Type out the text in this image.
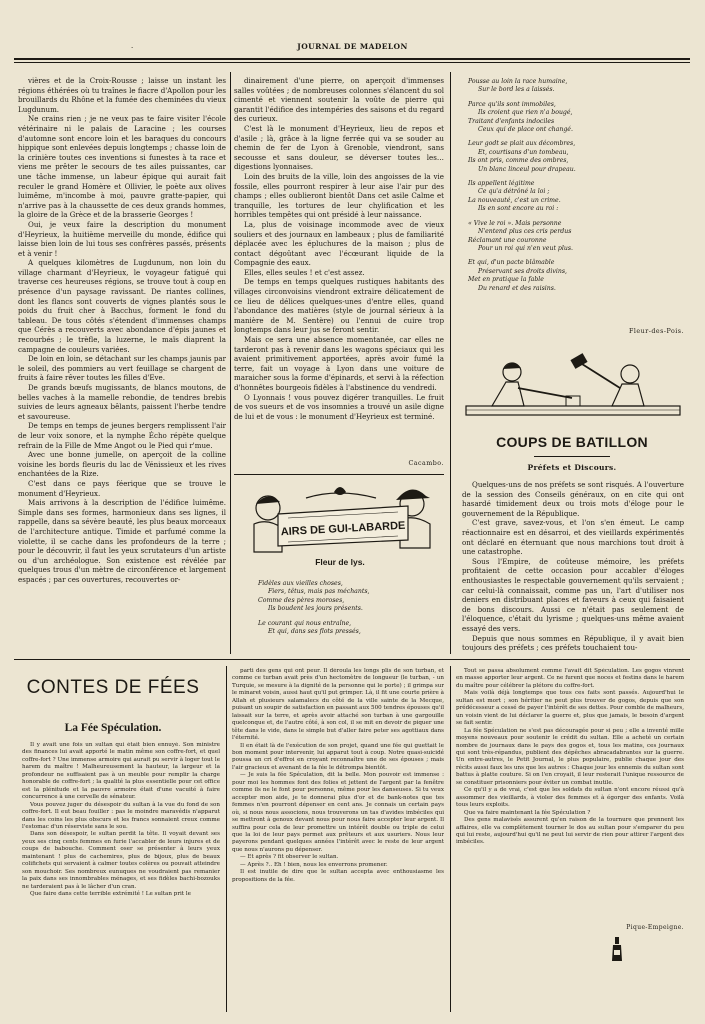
JOURNAL DE MADELON
·

vières et de la Croix-Rousse ; laisse un instant les régions éthérées où tu traînes le fiacre d'Apollon pour les brouillards du Rhône et la fumée des cheminées du vieux Lugdunum.

Ne crains rien ; je ne veux pas te faire visiter l'école vétérinaire ni le palais de Laracine ; les courses d'automne sont encore loin et les baraques du concours hippique sont enlevées depuis longtemps ; chasse loin de la crinière toutes ces inventions si funestes à ta race et viens me prêter le secours de tes ailes puissantes, car une tâche immense, un labeur épique qui aurait fait reculer le grand Homère et Ollivier, le poète aux olives luimême, m'incombe à moi, pauvre gratte-papier, qui n'arrive pas à la chaussette de ces deux grands hommes, la gloire de la Grèce et de la brasserie Georges !

Oui, je veux faire la description du monument d'Heyrieux, la huitième merveille du monde, édifice qui laisse bien loin de lui tous ses confrères passés, présents et à venir !

A quelques kilomètres de Lugdunum, non loin du village charmant d'Heyrieux, le voyageur fatigué qui traverse ces heureuses régions, se trouve tout à coup en présence d'un paysage ravissant. De riantes collines, dont les flancs sont couverts de vignes plantés sous le poids du fruit cher à Bacchus, forment le fond du tableau. De tous côtés s'étendent d'immenses champs que Cérès a recouverts avec abondance d'épis jaunes et recourbés ; le trèfle, la luzerne, le maïs diaprent la campagne de couleurs variées.

De loin en loin, se détachant sur les champs jaunis par le soleil, des pommiers au vert feuillage se chargent de fruits à faire rêver toutes les filles d'Eve.

De grands bœufs mugissants, de blancs moutons, de belles vaches à la mamelle rebondie, de tendres brebis suivies de leurs agneaux bêlants, paissent l'herbe tendre et savoureuse.

De temps en temps de jeunes bergers remplissent l'air de leur voix sonore, et la nymphe Écho répète quelque refrain de la Fille de Mme Angot ou le Pied qui r'mue.

Avec une bonne jumelle, on aperçoit de la colline voisine les bords fleuris du lac de Vénissieux et les rives enchantées de la Rize.

C'est dans ce pays féerique que se trouve le monument d'Heyrieux.

Mais arrivons à la description de l'édifice luimême. Simple dans ses formes, harmonieux dans ses lignes, il rappelle, dans sa sévère beauté, les plus beaux morceaux de l'architecture antique. Timide et parfumé comme la violette, il se cache dans les profondeurs de la terre ; pour le découvrir, il faut les yeux scrutateurs d'un artiste ou d'un archéologue. Son existence est révélée par quelques trous d'un mètre de circonférence et largement espacés ; par ces ouvertures, recouvertes or-

dinairement d'une pierre, on aperçoit d'immenses salles voûtées ; de nombreuses colonnes s'élancent du sol cimenté et viennent soutenir la voûte de pierre qui garantit l'édifice des intempéries des saisons et du regard des curieux.

C'est là le monument d'Heyrieux, lieu de repos et d'asile ; là, grâce à la ligne ferrée qui va se souder au chemin de fer de Lyon à Grenoble, viendront, sans secousse et sans douleur, se déverser toutes les… digestions lyonnaises.

Loin des bruits de la ville, loin des angoisses de la vie fossile, elles pourront respirer à leur aise l'air pur des champs ; elles oublieront bientôt Dans cet asile Calme et tranquille, les tortures de leur chylification et les horribles tempêtes qui ont présidé à leur naissance.

La, plus de voisinage incommode avec de vieux souliers et des journaux en lambeaux ; plus de familiarité déplacée avec les épluchures de la maison ; plus de contact dégoûtant avec l'écœurant liquide de la Compagnie des eaux.

Elles, elles seules ! et c'est assez.

De temps en temps quelques rustiques habitants des villages circonvoisins viendront extraire délicatement de ce lieu de délices quelques-unes d'entre elles, quand l'abondance des matières (style de journal sérieux à la manière de M. Sentère) ou l'ennui de cuire trop longtemps dans leur jus se feront sentir.

Mais ce sera une absence momentanée, car elles ne tarderont pas à revenir dans les wagons spéciaux qui les avaient primitivement apportées, après avoir fumé la terre, fait un voyage à Lyon dans une voiture de maraicher sous la forme d'épinards, et servi à la réfection d'honnêtes bourgeois fidèles à l'abstinence du vendredi.

O Lyonnais ! vous pouvez digérer tranquilles. Le fruit de vos sueurs et de vos insomnies a trouvé un asile digne de lui et de vous : le monument d'Heyrieux est terminé.

Cacambo.
AIRS DE GUI-LABARDE
Fleur de lys.
Fidèles aux vieilles choses,
Fiers, têtus, mais pas méchants,
Comme des pères moroses,
Ils boudent les jours présents.
Le courant qui nous entraîne,
Et qui, dans ses flots pressés,
Pousse au loin la race humaine,
Sur le bord les a laissés.
Parce qu'ils sont immobiles,
Ils croient que rien n'a bougé,
Traitant d'enfants indociles
Ceux qui de place ont changé.
Leur godt se plait aux décombres,
Et, courtisans d'un tombeau,
Ils ont pris, comme des ombres,
Un blanc linceul pour drapeau.
Ils appellent légitime
Ce qu'a détrôné la loi ;
La nouveauté, c'est un crime.
Ils en sont encore au roi :
« Vive le roi ». Mais personne
N'entend plus ces cris perdus
Réclamant une couronne
Pour un roi qui n'en veut plus.
Et qui, d'un pacte blâmable
Préservant ses droits divins,
Met en pratique la fable
Du renard et des raisins.
Fleur-des-Pois.
COUPS DE BATILLON
Préfets et Discours.

Quelques-uns de nos préfets se sont risqués. A l'ouverture de la session des Conseils généraux, on en cite qui ont hasardé timidement deux ou trois mots d'éloge pour le gouvernement de la République.

C'est grave, savez-vous, et l'on s'en émeut. Le camp réactionnaire est en désarroi, et des vieillards expérimentés ont déclaré en éternuant que nous marchions tout droit à une catastrophe.

Sous l'Empire, de coûteuse mémoire, les préfets profitaient de cette occasion pour accabler d'éloges enthousiastes le respectable gouvernement qu'ils servaient ; car celui-là connaissait, comme pas un, l'art d'utiliser nos deniers en distribuant places et faveurs à ceux qui faisaient de bons discours. Aussi ce n'était pas seulement de l'éloquence, c'était du lyrisme ; quelques-uns même avaient essayé des vers.

Depuis que nous sommes en République, il y avait bien toujours des préfets ; ces préfets touchaient tou-

CONTES DE FÉES
La Fée Spéculation.

Il y avait une fois un sultan qui était bien ennuyé. Son ministre des finances lui avait apporté le matin même son coffre-fort, et quel coffre-fort ? Une immense armoire qui aurait pu servir à loger tout le harem du maître ! Malheureusement la hauteur, la largeur et la profondeur ne suffisaient pas à un meuble pour remplir la charge honorable de coffre-fort ; la qualité la plus essentielle pour cet office est la plénitude et la pauvre armoire était d'une vacuité à faire concurrence à une cervelle de sénateur.

Vous pouvez juger du désespoir du sultan à la vue du fond de son coffre-fort. Il eut beau fouiller : pas le moindre maravédis n'apparut dans les coins les plus obscurs et les francs sonnaient creux comme l'estomac d'un réserviste sans le sou.

Dans son désespoir, le sultan perdit la tête. Il voyait devant ses yeux ses cinq cents femmes en furie l'accabler de leurs injures et de coups de babouche. Comment oser se présenter à leurs yeux maintenant ! plus de cachemires, plus de bijoux, plus de beaux colifichets qui servaient à calmer toutes colères ou pouvait atteindre son mouchoir. Ses nombreux eunuques ne voudraient pas remanier la paix dans ses innombrables ménages, et ses fidèles bachi-bozouks ne tarderaient pas à le lâcher d'un cran.

Que faire dans cette terrible extrémité ! Le sultan prit le

parti des gens qui ont peur. Il déroula les longs plis de son turban, et comme ce turban avait près d'un hectomètre de longueur (le turban, - un Turquie, se mesure à la dignité de la personne qui le porte) ; il grimpa sur le minaret voisin, aussi haut qu'il put grimper. Là, il fit une courte prière à Allah et plusieurs salamalecs du côté de la ville sainte de la Mecque, puisant un soupir de satisfaction en passant aux 500 tendres épouses qu'il laissait sur la terre, et après avoir attaché son turban à une gargouille quelconque et, de l'autre côté, à son col, il se mit en devoir de piquer une tête dans le vide, dans le simple but d'aller faire peter ses agottiaux dans l'éternité.

Il en était là de l'exécution de son projet, quand une fée qui guettait le bon moment pour intervenir, lui apparut tout à coup. Notre quasi-suicidé poussa un cri d'effroi en croyant reconnaître une de ses épouses ; mais l'air gracieux et avenant de la fée le détrompa bientôt.

— Je suis la fée Spéculation, dit la belle. Mon pouvoir est immense : pour moi les hommes font des folies et jettent de l'argent par la fenêtre comme ils ne le font pour personne, même pour les danseuses. Si tu veux accepter mon aide, je te donnerai plus d'or et de bank-notes que tes femmes n'en pourront dépenser en cent ans. Je connais un certain pays où, si nous nous associons, nous trouverons un tas d'avides imbéciles qui se mettront à genoux devant nous pour nous faire accepter leur argent. Il suffira pour cela de leur promettre un intérêt double ou triple de celui que la loi de leur pays permet aux prêteurs et aux usuriers. Nous leur payerons pendant quelques années l'intérêt avec le reste de leur argent que nous n'aurons pu dépenser.

— Et après ? fit observer le sultan.

— Après ?.. Eh ! bien, nous les enverrons promener.

Il est inutile de dire que le sultan accepta avec enthousiasme les propositions de la fée.

Tout se passa absolument comme l'avait dit Spéculation. Les gogos vinrent en masse apporter leur argent. Ce ne furent que noces et festins dans le harem du maître pour célébrer la plétore du coffre-fort.

Mais voilà déjà longtemps que tous ces faits sont passés. Aujourd'hui le sultan est mort ; son héritier ne peut plus trouver de gogos, depuis que son prédécesseur a cessé de payer l'intérêt de ses dettes. Pour comble de malheurs, un voisin vient de lui déclarer la guerre et, plus que jamais, le besoin d'argent se fait sentir.

La fée Spéculation ne s'est pas découragée pour si peu ; elle a inventé mille moyens nouveaux pour soutenir le crédit du sultan. Elle a acheté un certain nombre de journaux dans le pays des gogos et, tous les matins, ces journaux qui sont très-répandus, publient des dépêches abracadabrantes sur la guerre. Un entre-autres, le Petit Journal, le plus populaire, publie chaque jour des récits aussi faux les uns que les autres : Chaque jour les ennemis du sultan sont battus à platte couture. Si on l'en croyait, il leur resterait l'unique ressource de se constituer prisonniers pour éviter un combat inutile.

Ce qu'il y a de vrai, c'est que les soldats du sultan n'ont encore réussi qu'à assommer des vieillards, à violer des femmes et à égorger des enfants. Voilà tous leurs exploits.

Que va faire maintenant la fée Spéculation ?

Des gens malavisés assurent qu'en raison de la tournure que prennent les affaires, elle va complètement tourner le dos au sultan pour s'emparer du peu qui lui reste, aujourd'hui qu'il ne peut lui servir de rien pour attirer l'argent des imbéciles.

Pique-Empeigne.
